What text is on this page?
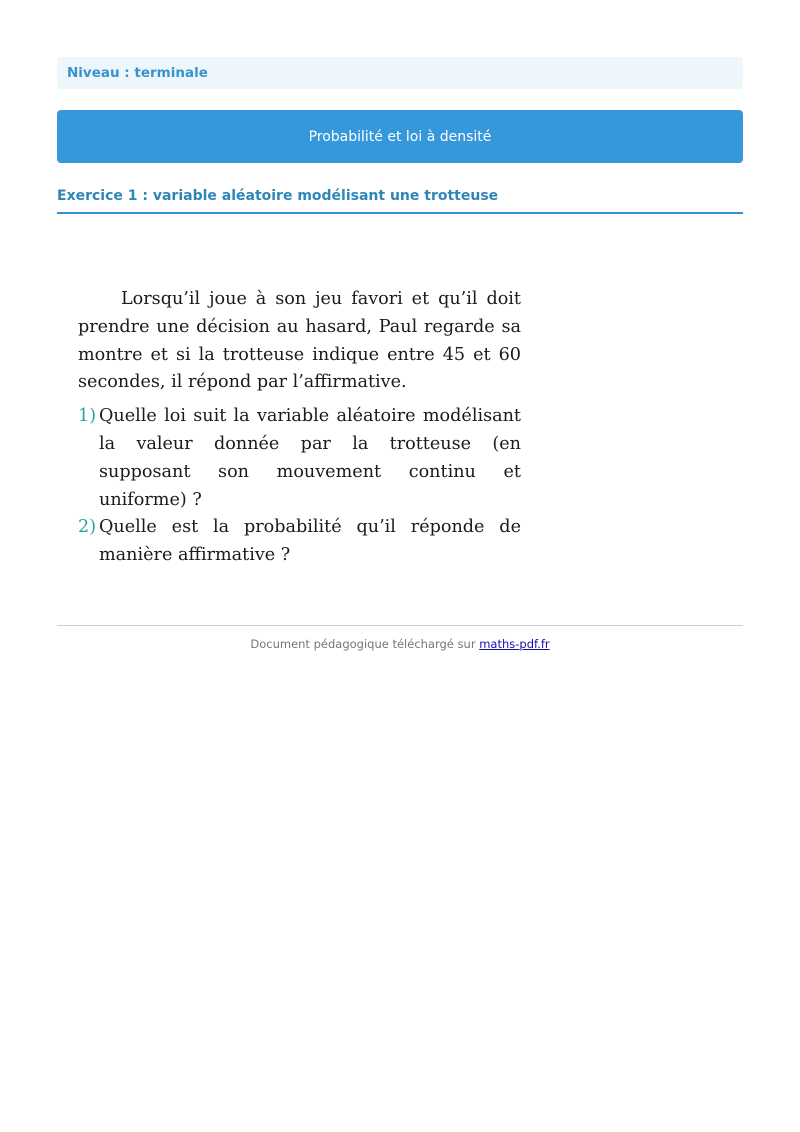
Niveau : terminale
Probabilité et loi à densité
Exercice 1 : variable aléatoire modélisant une trotteuse

Lorsqu’il joue à son jeu favori et qu’il doit prendre une décision au hasard, Paul regarde sa montre et si la trotteuse indique entre 45 et 60 secondes, il répond par l’affirmative.

1) Quelle loi suit la variable aléatoire modélisant la valeur donnée par la trotteuse (en supposant son mouvement continu et uniforme) ?
2) Quelle est la probabilité qu’il réponde de manière affirmative ?
Document pédagogique téléchargé sur maths-pdf.fr
